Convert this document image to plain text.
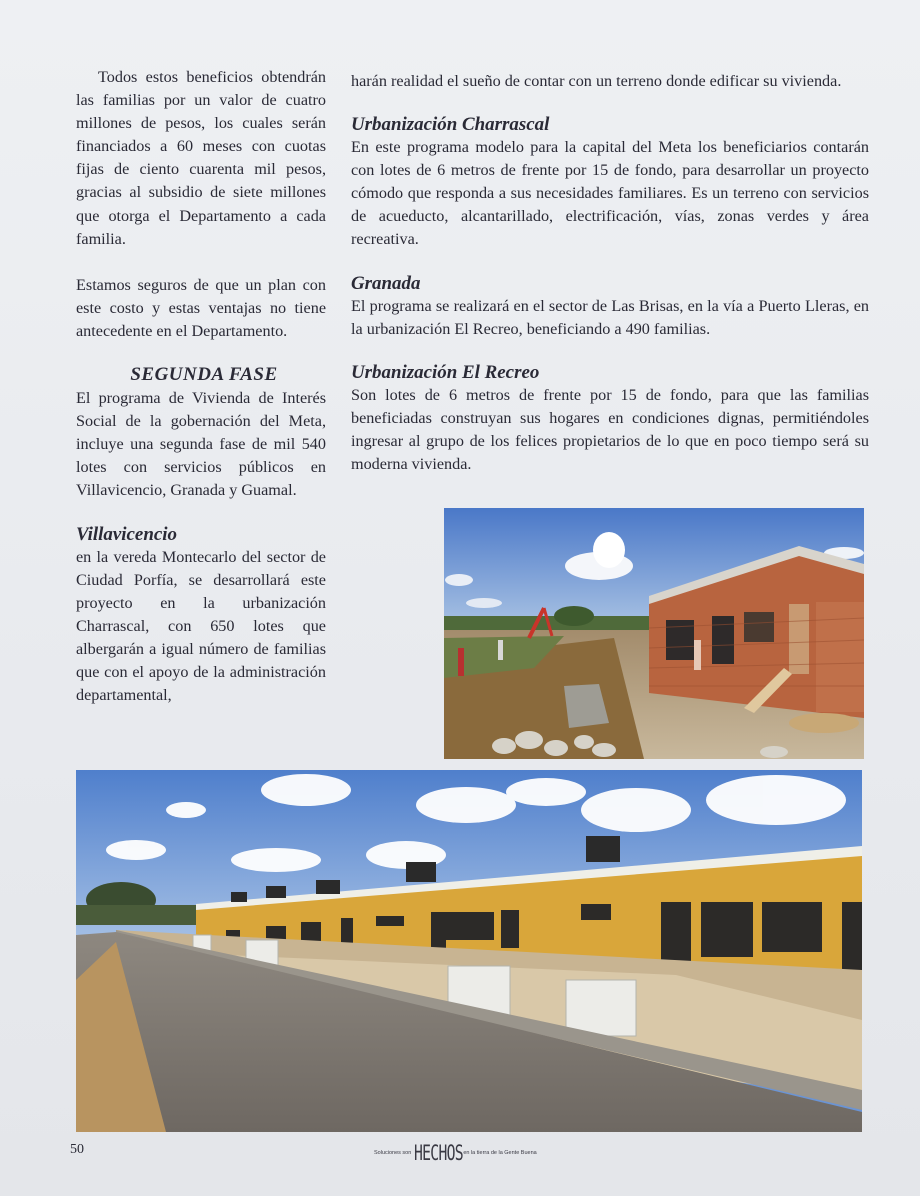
Todos estos beneficios obtendrán las familias por un valor de cuatro millones de pesos, los cuales serán financiados a 60 meses con cuotas fijas de ciento cuarenta mil pesos, gracias al subsidio de siete millones que otorga el Departamento a cada familia.

Estamos seguros de que un plan con este costo y estas ventajas no tiene antecedente en el Departamento.

SEGUNDA FASE

El programa de Vivienda de Interés Social de la gobernación del Meta, incluye una segunda fase de mil 540 lotes con servicios públicos en Villavicencio, Granada y Guamal.

Villavicencio

en la vereda Montecarlo del sector de Ciudad Porfía, se desarrollará este proyecto en la urbanización Charrascal, con 650 lotes que albergarán a igual número de familias que con el apoyo de la administración departamental,

harán realidad el sueño de contar con un terreno donde edificar su vivienda.

Urbanización Charrascal

En este programa modelo para la capital del Meta los beneficiarios contarán con lotes de 6 metros de frente por 15 de fondo, para desarrollar un proyecto cómodo que responda a sus necesidades familiares. Es un terreno con servicios de acueducto, alcantarillado, electrificación, vías, zonas verdes y área recreativa.

Granada

El programa se realizará en el sector de Las Brisas, en la vía a Puerto Lleras, en la urbanización El Recreo, beneficiando a 490 familias.

Urbanización El Recreo

Son lotes de 6 metros de frente por 15 de fondo, para que las familias beneficiadas construyan sus hogares en condiciones dignas, permitiéndoles ingresar al grupo de los felices propietarios de lo que en poco tiempo será su moderna vivienda.

50	Soluciones son HECHOS en la tierra de la Gente Buena
